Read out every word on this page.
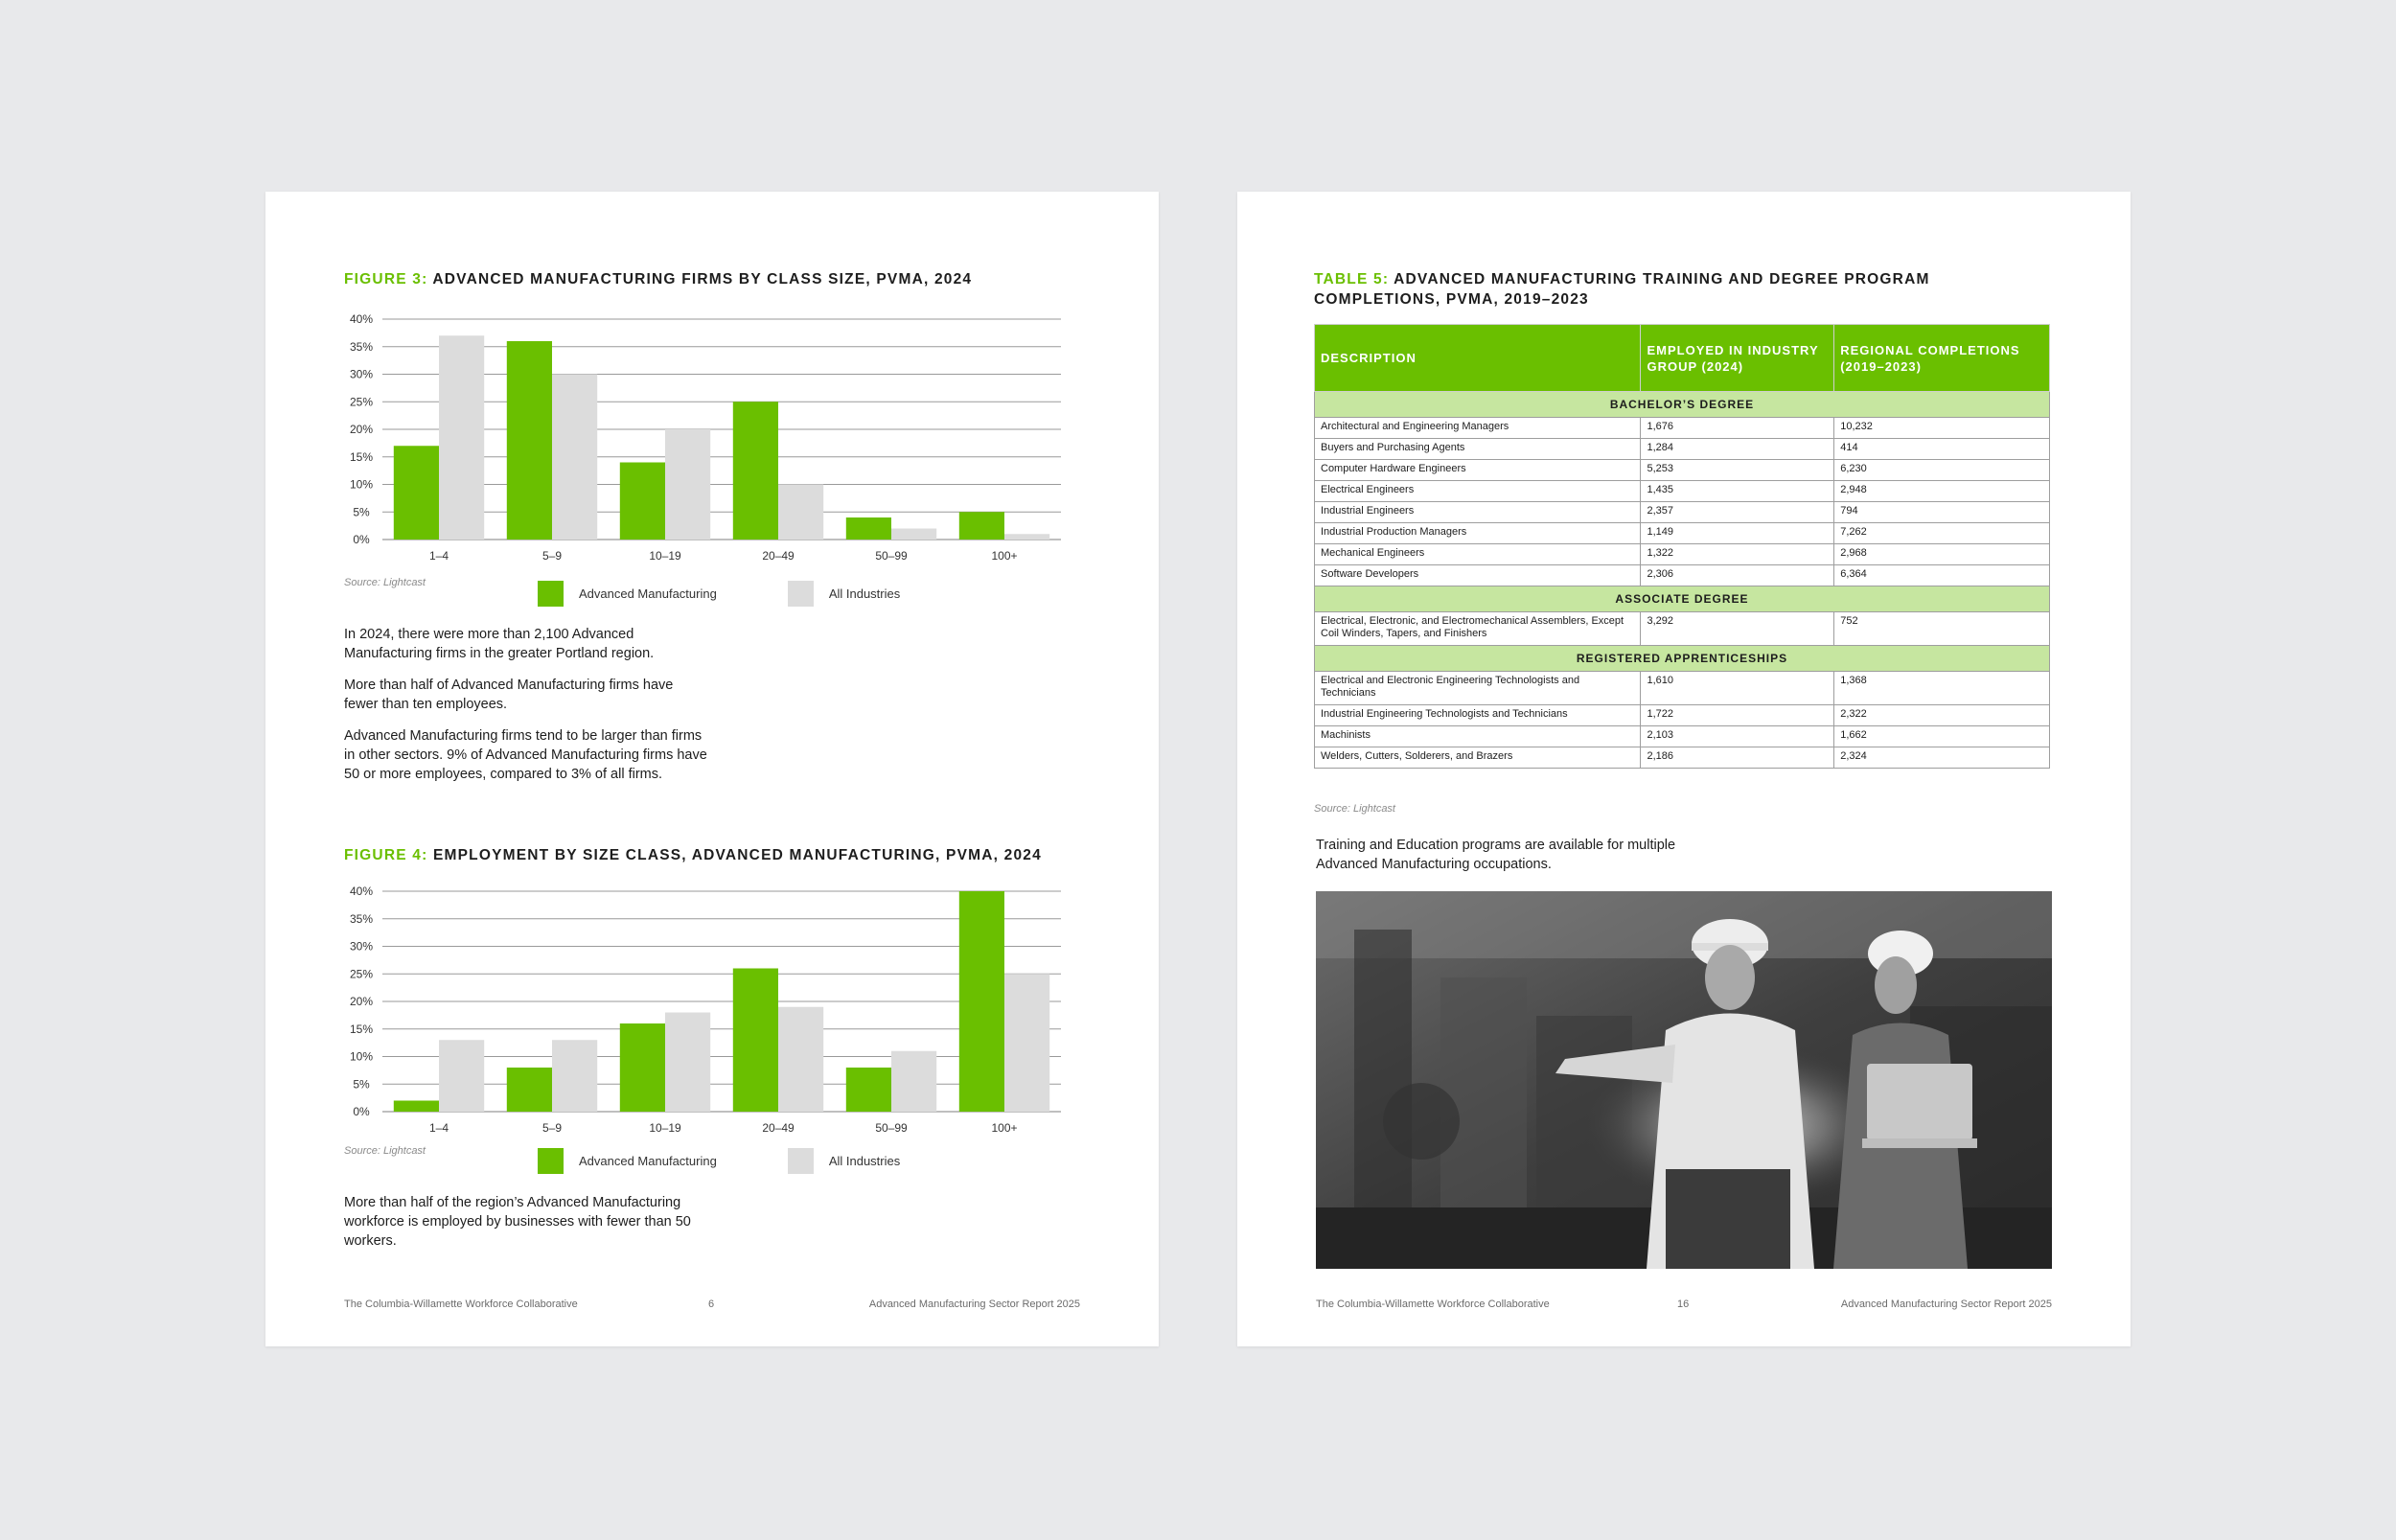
FIGURE 3: ADVANCED MANUFACTURING FIRMS BY CLASS SIZE, PVMA, 2024
0%
5%
10%
15%
20%
25%
30%
35%
40%
1–4	5–9	10–19	20–49	50–99	100+
Source: Lightcast
Advanced Manufacturing	All Industries

In 2024, there were more than 2,100 Advanced Manufacturing firms in the greater Portland region.

More than half of Advanced Manufacturing firms have fewer than ten employees.

Advanced Manufacturing firms tend to be larger than firms in other sectors. 9% of Advanced Manufacturing firms have 50 or more employees, compared to 3% of all firms.

FIGURE 4: EMPLOYMENT BY SIZE CLASS, ADVANCED MANUFACTURING, PVMA, 2024
0%
5%
10%
15%
20%
25%
30%
35%
40%
1–4	5–9	10–19	20–49	50–99	100+
Source: Lightcast
Advanced Manufacturing	All Industries

More than half of the region’s Advanced Manufacturing workforce is employed by businesses with fewer than 50 workers.

The Columbia-Willamette Workforce Collaborative	6	Advanced Manufacturing Sector Report 2025
TABLE 5: ADVANCED MANUFACTURING TRAINING AND DEGREE PROGRAM
COMPLETIONS, PVMA, 2019–2023
DESCRIPTION	EMPLOYED IN INDUSTRY GROUP (2024)	REGIONAL COMPLETIONS (2019–2023)
BACHELOR’S DEGREE		
Architectural and Engineering Managers	1,676	10,232
Buyers and Purchasing Agents	1,284	414
Computer Hardware Engineers	5,253	6,230
Electrical Engineers	1,435	2,948
Industrial Engineers	2,357	794
Industrial Production Managers	1,149	7,262
Mechanical Engineers	1,322	2,968
Software Developers	2,306	6,364
ASSOCIATE DEGREE		
Electrical, Electronic, and Electromechanical Assemblers, Except Coil Winders, Tapers, and Finishers	3,292	752
REGISTERED APPRENTICESHIPS		
Electrical and Electronic Engineering Technologists and Technicians	1,610	1,368
Industrial Engineering Technologists and Technicians	1,722	2,322
Machinists	2,103	1,662
Welders, Cutters, Solderers, and Brazers	2,186	2,324
Source: Lightcast

Training and Education programs are available for multiple Advanced Manufacturing occupations.

The Columbia-Willamette Workforce Collaborative	16	Advanced Manufacturing Sector Report 2025
